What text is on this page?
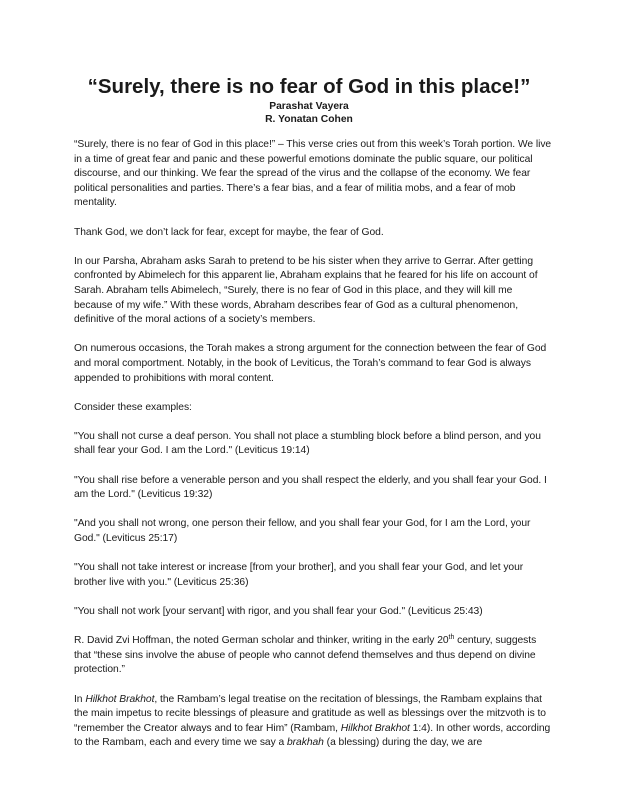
“Surely, there is no fear of God in this place!”
Parashat Vayera
R. Yonatan Cohen

“Surely, there is no fear of God in this place!” – This verse cries out from this week’s Torah portion. We live in a time of great fear and panic and these powerful emotions dominate the public square, our political discourse, and our thinking. We fear the spread of the virus and the collapse of the economy. We fear political personalities and parties. There’s a fear bias, and a fear of militia mobs, and a fear of mob mentality.

Thank God, we don’t lack for fear, except for maybe, the fear of God.

In our Parsha, Abraham asks Sarah to pretend to be his sister when they arrive to Gerrar. After getting confronted by Abimelech for this apparent lie, Abraham explains that he feared for his life on account of Sarah. Abraham tells Abimelech, “Surely, there is no fear of God in this place, and they will kill me because of my wife.” With these words, Abraham describes fear of God as a cultural phenomenon, definitive of the moral actions of a society’s members.

On numerous occasions, the Torah makes a strong argument for the connection between the fear of God and moral comportment. Notably, in the book of Leviticus, the Torah’s command to fear God is always appended to prohibitions with moral content.

Consider these examples:

"You shall not curse a deaf person. You shall not place a stumbling block before a blind person, and you shall fear your God. I am the Lord." (Leviticus 19:14)

"You shall rise before a venerable person and you shall respect the elderly, and you shall fear your God. I am the Lord." (Leviticus 19:32)

"And you shall not wrong, one person their fellow, and you shall fear your God, for I am the Lord, your God." (Leviticus 25:17)

"You shall not take interest or increase [from your brother], and you shall fear your God, and let your brother live with you." (Leviticus 25:36)

"You shall not work [your servant] with rigor, and you shall fear your God." (Leviticus 25:43)

R. David Zvi Hoffman, the noted German scholar and thinker, writing in the early 20th century, suggests that “these sins involve the abuse of people who cannot defend themselves and thus depend on divine protection.”

In Hilkhot Brakhot, the Rambam’s legal treatise on the recitation of blessings, the Rambam explains that the main impetus to recite blessings of pleasure and gratitude as well as blessings over the mitzvoth is to “remember the Creator always and to fear Him” (Rambam, Hilkhot Brakhot 1:4). In other words, according to the Rambam, each and every time we say a brakhah (a blessing) during the day, we are
